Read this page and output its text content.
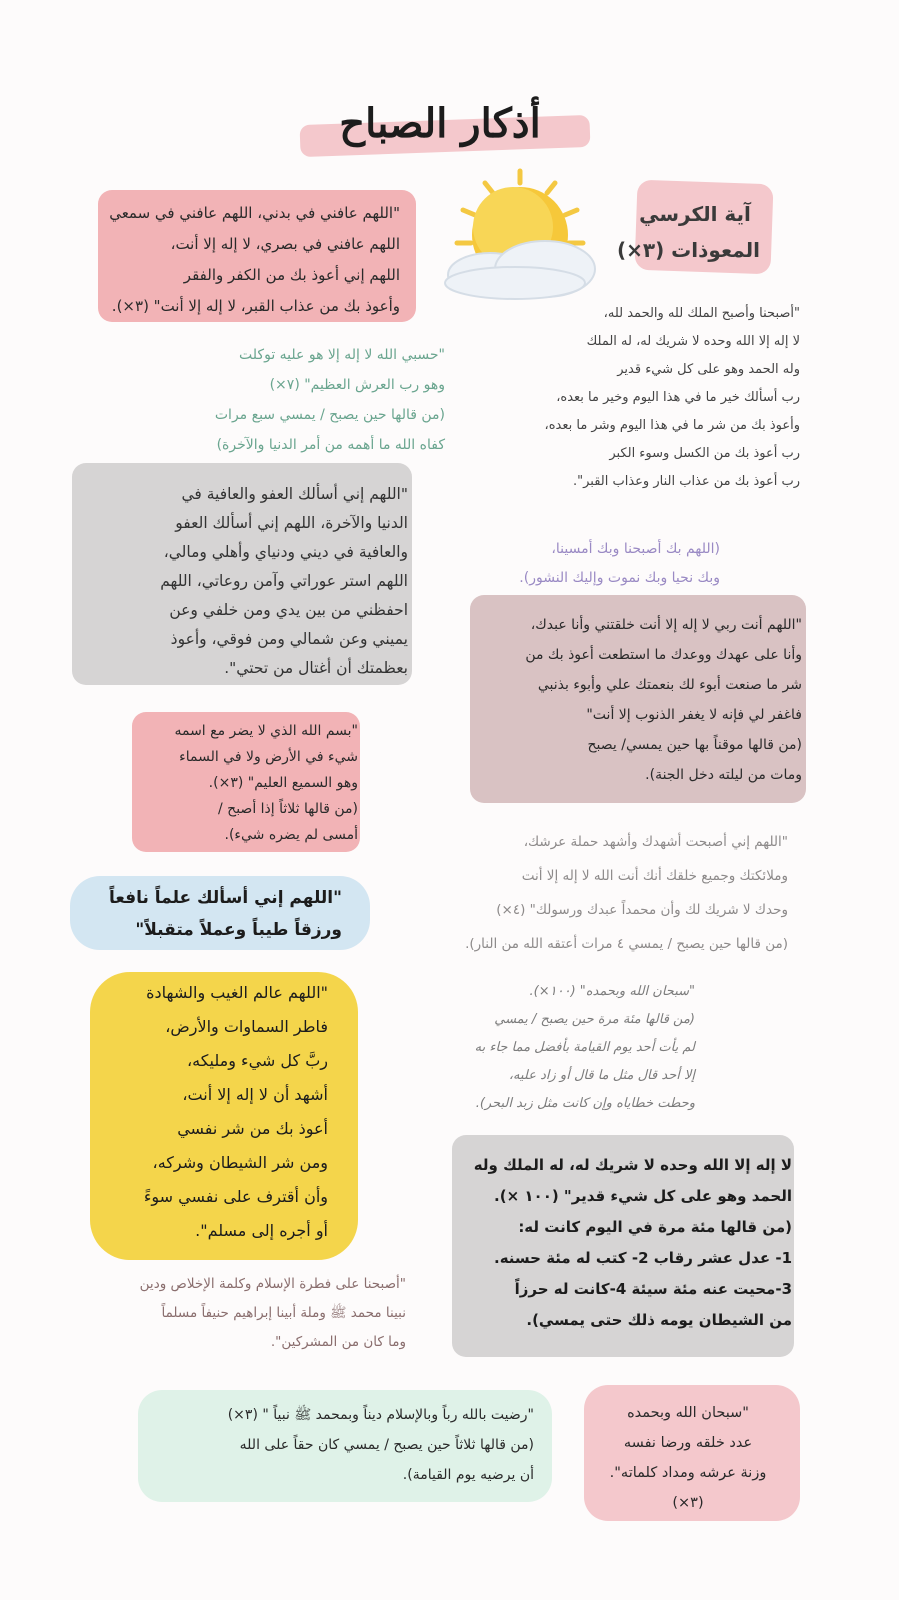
أذكار الصباح
آية الكرسي
المعوذات (٣×)
"اللهم عافني في بدني، اللهم عافني في سمعي
اللهم عافني في بصري، لا إله إلا أنت،
اللهم إني أعوذ بك من الكفر والفقر
وأعوذ بك من عذاب القبر، لا إله إلا أنت" (٣×).	"أصبحنا وأصبح الملك لله والحمد لله،
لا إله إلا الله وحده لا شريك له، له الملك
وله الحمد وهو على كل شيء قدير
رب أسألك خير ما في هذا اليوم وخير ما بعده،
وأعوذ بك من شر ما في هذا اليوم وشر ما بعده،
رب أعوذ بك من الكسل وسوء الكبر
رب أعوذ بك من عذاب النار وعذاب القبر".
"حسبي الله لا إله إلا هو عليه توكلت
وهو رب العرش العظيم" (٧×)
(من قالها حين يصبح / يمسي سبع مرات
كفاه الله ما أهمه من أمر الدنيا والآخرة)
"اللهم إني أسألك العفو والعافية في
الدنيا والآخرة، اللهم إني أسألك العفو
والعافية في ديني ودنياي وأهلي ومالي،
اللهم استر عوراتي وآمن روعاتي، اللهم
احفظني من بين يدي ومن خلفي وعن
يميني وعن شمالي ومن فوقي، وأعوذ
بعظمتك أن أغتال من تحتي".
(اللهم بك أصبحنا وبك أمسينا،
وبك نحيا وبك نموت وإليك النشور).
"اللهم أنت ربي لا إله إلا أنت خلقتني وأنا عبدك،
وأنا على عهدك ووعدك ما استطعت أعوذ بك من
شر ما صنعت أبوء لك بنعمتك علي وأبوء بذنبي
فاغفر لي فإنه لا يغفر الذنوب إلا أنت"
(من قالها موقناً بها حين يمسي/ يصبح
ومات من ليلته دخل الجنة).
"بسم الله الذي لا يضر مع اسمه
شيء في الأرض ولا في السماء
وهو السميع العليم" (٣×).
(من قالها ثلاثاً إذا أصبح /
أمسى لم يضره شيء).	"اللهم إني أصبحت أشهدك وأشهد حملة عرشك،
وملائكتك وجميع خلقك أنك أنت الله لا إله إلا أنت
وحدك لا شريك لك وأن محمداً عبدك ورسولك" (٤×)
(من قالها حين يصبح / يمسي ٤ مرات أعتقه الله من النار).
"اللهم إني أسألك علماً نافعاً
ورزقاً طيباً وعملاً متقبلاً"
"اللهم عالم الغيب والشهادة
فاطر السماوات والأرض،
ربَّ كل شيء ومليكه،
أشهد أن لا إله إلا أنت،
أعوذ بك من شر نفسي
ومن شر الشيطان وشركه،
وأن أقترف على نفسي سوءً
أو أجره إلى مسلم".
"سبحان الله وبحمده" (١٠٠×).
(من قالها مئة مرة حين يصبح / يمسي
لم يأت أحد يوم القيامة بأفضل مما جاء به
إلا أحد قال مثل ما قال أو زاد عليه،
وحطت خطاياه وإن كانت مثل زبد البحر).
لا إله إلا الله وحده لا شريك له، له الملك وله
الحمد وهو على كل شيء قدير" (١٠٠ ×).
(من قالها مئة مرة في اليوم كانت له:
1- عدل عشر رقاب 2- كتب له مئة حسنه.
3-محيت عنه مئة سيئة 4-كانت له حرزاً
من الشيطان يومه ذلك حتى يمسي).
"أصبحنا على فطرة الإسلام وكلمة الإخلاص ودين
نبينا محمد ﷺ وملة أبينا إبراهيم حنيفاً مسلماً
وما كان من المشركين".
"رضيت بالله رباً وبالإسلام ديناً وبمحمد ﷺ نبياً " (٣×)
(من قالها ثلاثاً حين يصبح / يمسي كان حقاً على الله
أن يرضيه يوم القيامة).
"سبحان الله وبحمده
عدد خلقه ورضا نفسه
وزنة عرشه ومداد كلماته".
(٣×)
